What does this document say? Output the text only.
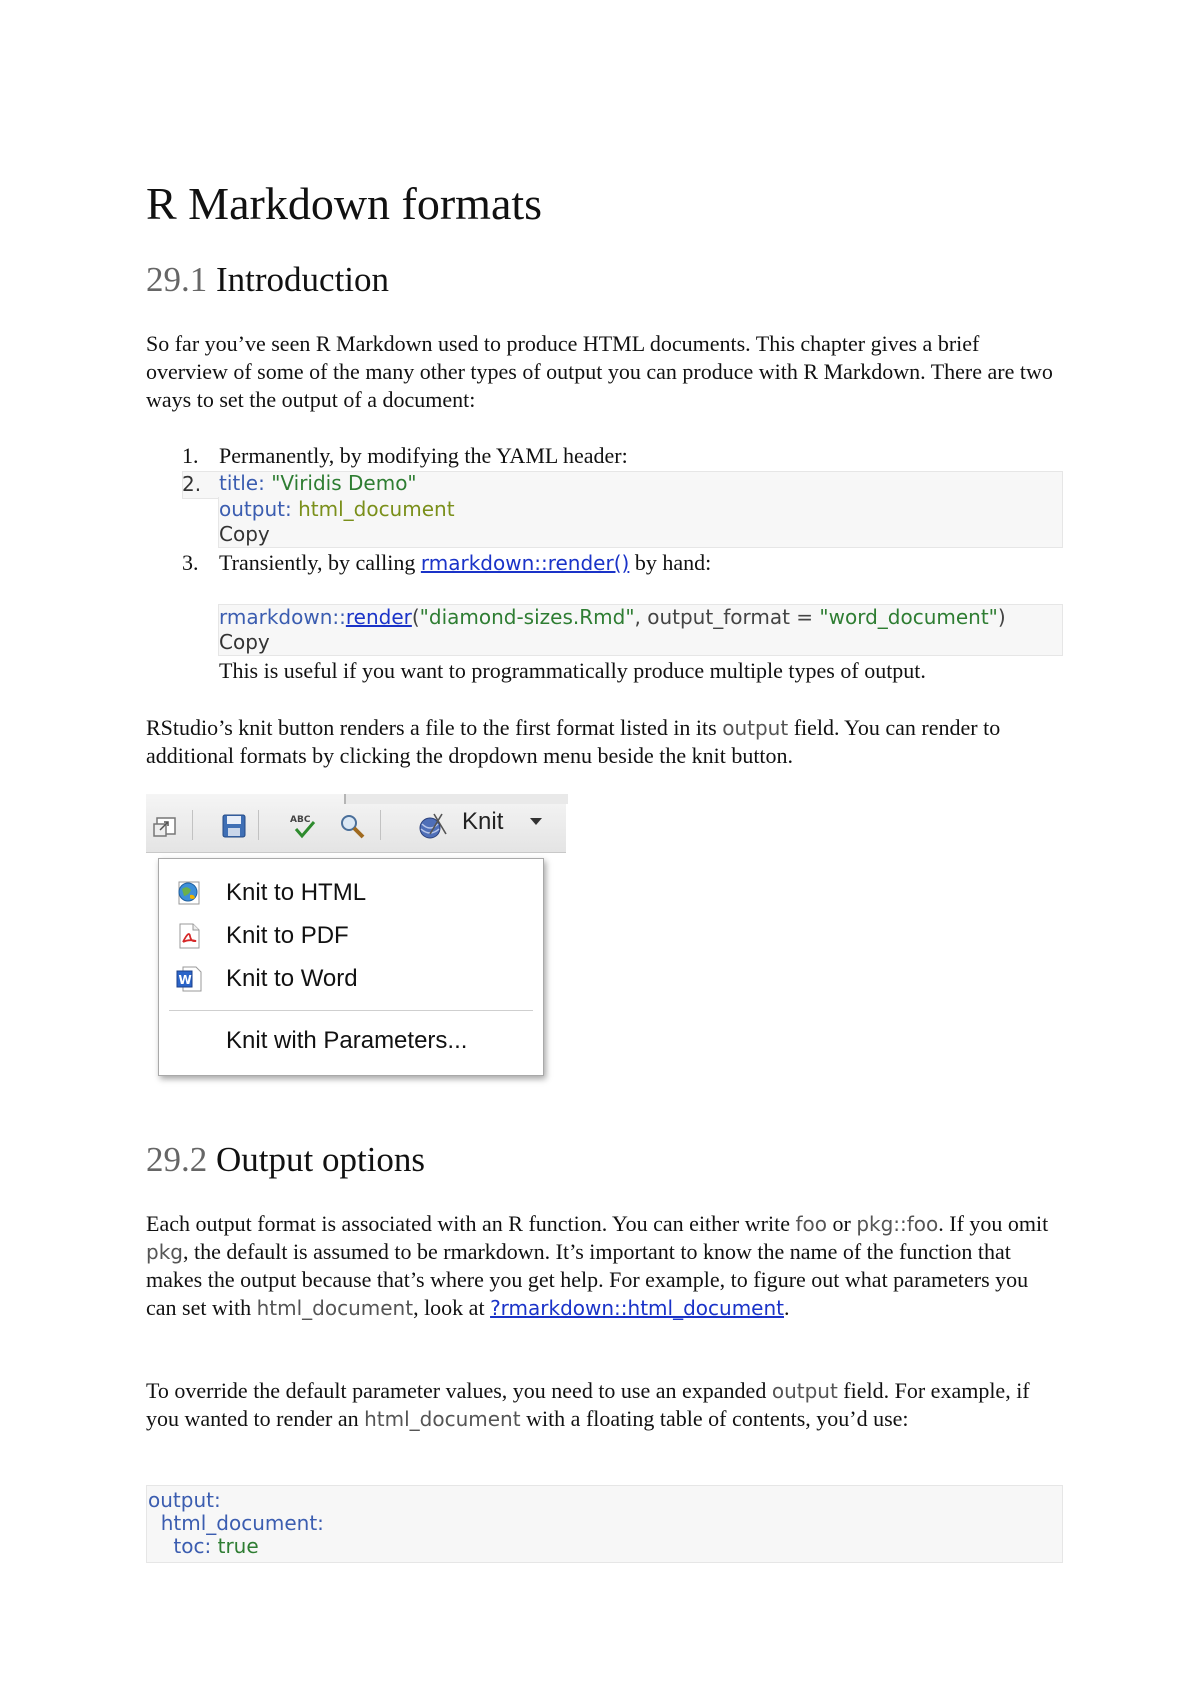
R Markdown formats
29.1 Introduction

So far you’ve seen R Markdown used to produce HTML documents. This chapter gives a brief overview of some of the many other types of output you can produce with R Markdown. There are two ways to set the output of a document:

1. Permanently, by modifying the YAML header:
2. title: "Viridis Demo"
output: html_document
Copy
3. Transiently, by calling rmarkdown::render() by hand:
rmarkdown::render("diamond-sizes.Rmd", output_format = "word_document")
Copy
This is useful if you want to programmatically produce multiple types of output.

RStudio’s knit button renders a file to the first format listed in its output field. You can render to additional formats by clicking the dropdown menu beside the knit button.

ABC	Knit
Knit to HTML
Knit to PDF
W Knit to Word
Knit with Parameters...
29.2 Output options

Each output format is associated with an R function. You can either write foo or pkg::foo. If you omit pkg, the default is assumed to be rmarkdown. It’s important to know the name of the function that makes the output because that’s where you get help. For example, to figure out what parameters you can set with html_document, look at ?rmarkdown::html_document.

To override the default parameter values, you need to use an expanded output field. For example, if you wanted to render an html_document with a floating table of contents, you’d use:

output:
html_document:
toc: true
